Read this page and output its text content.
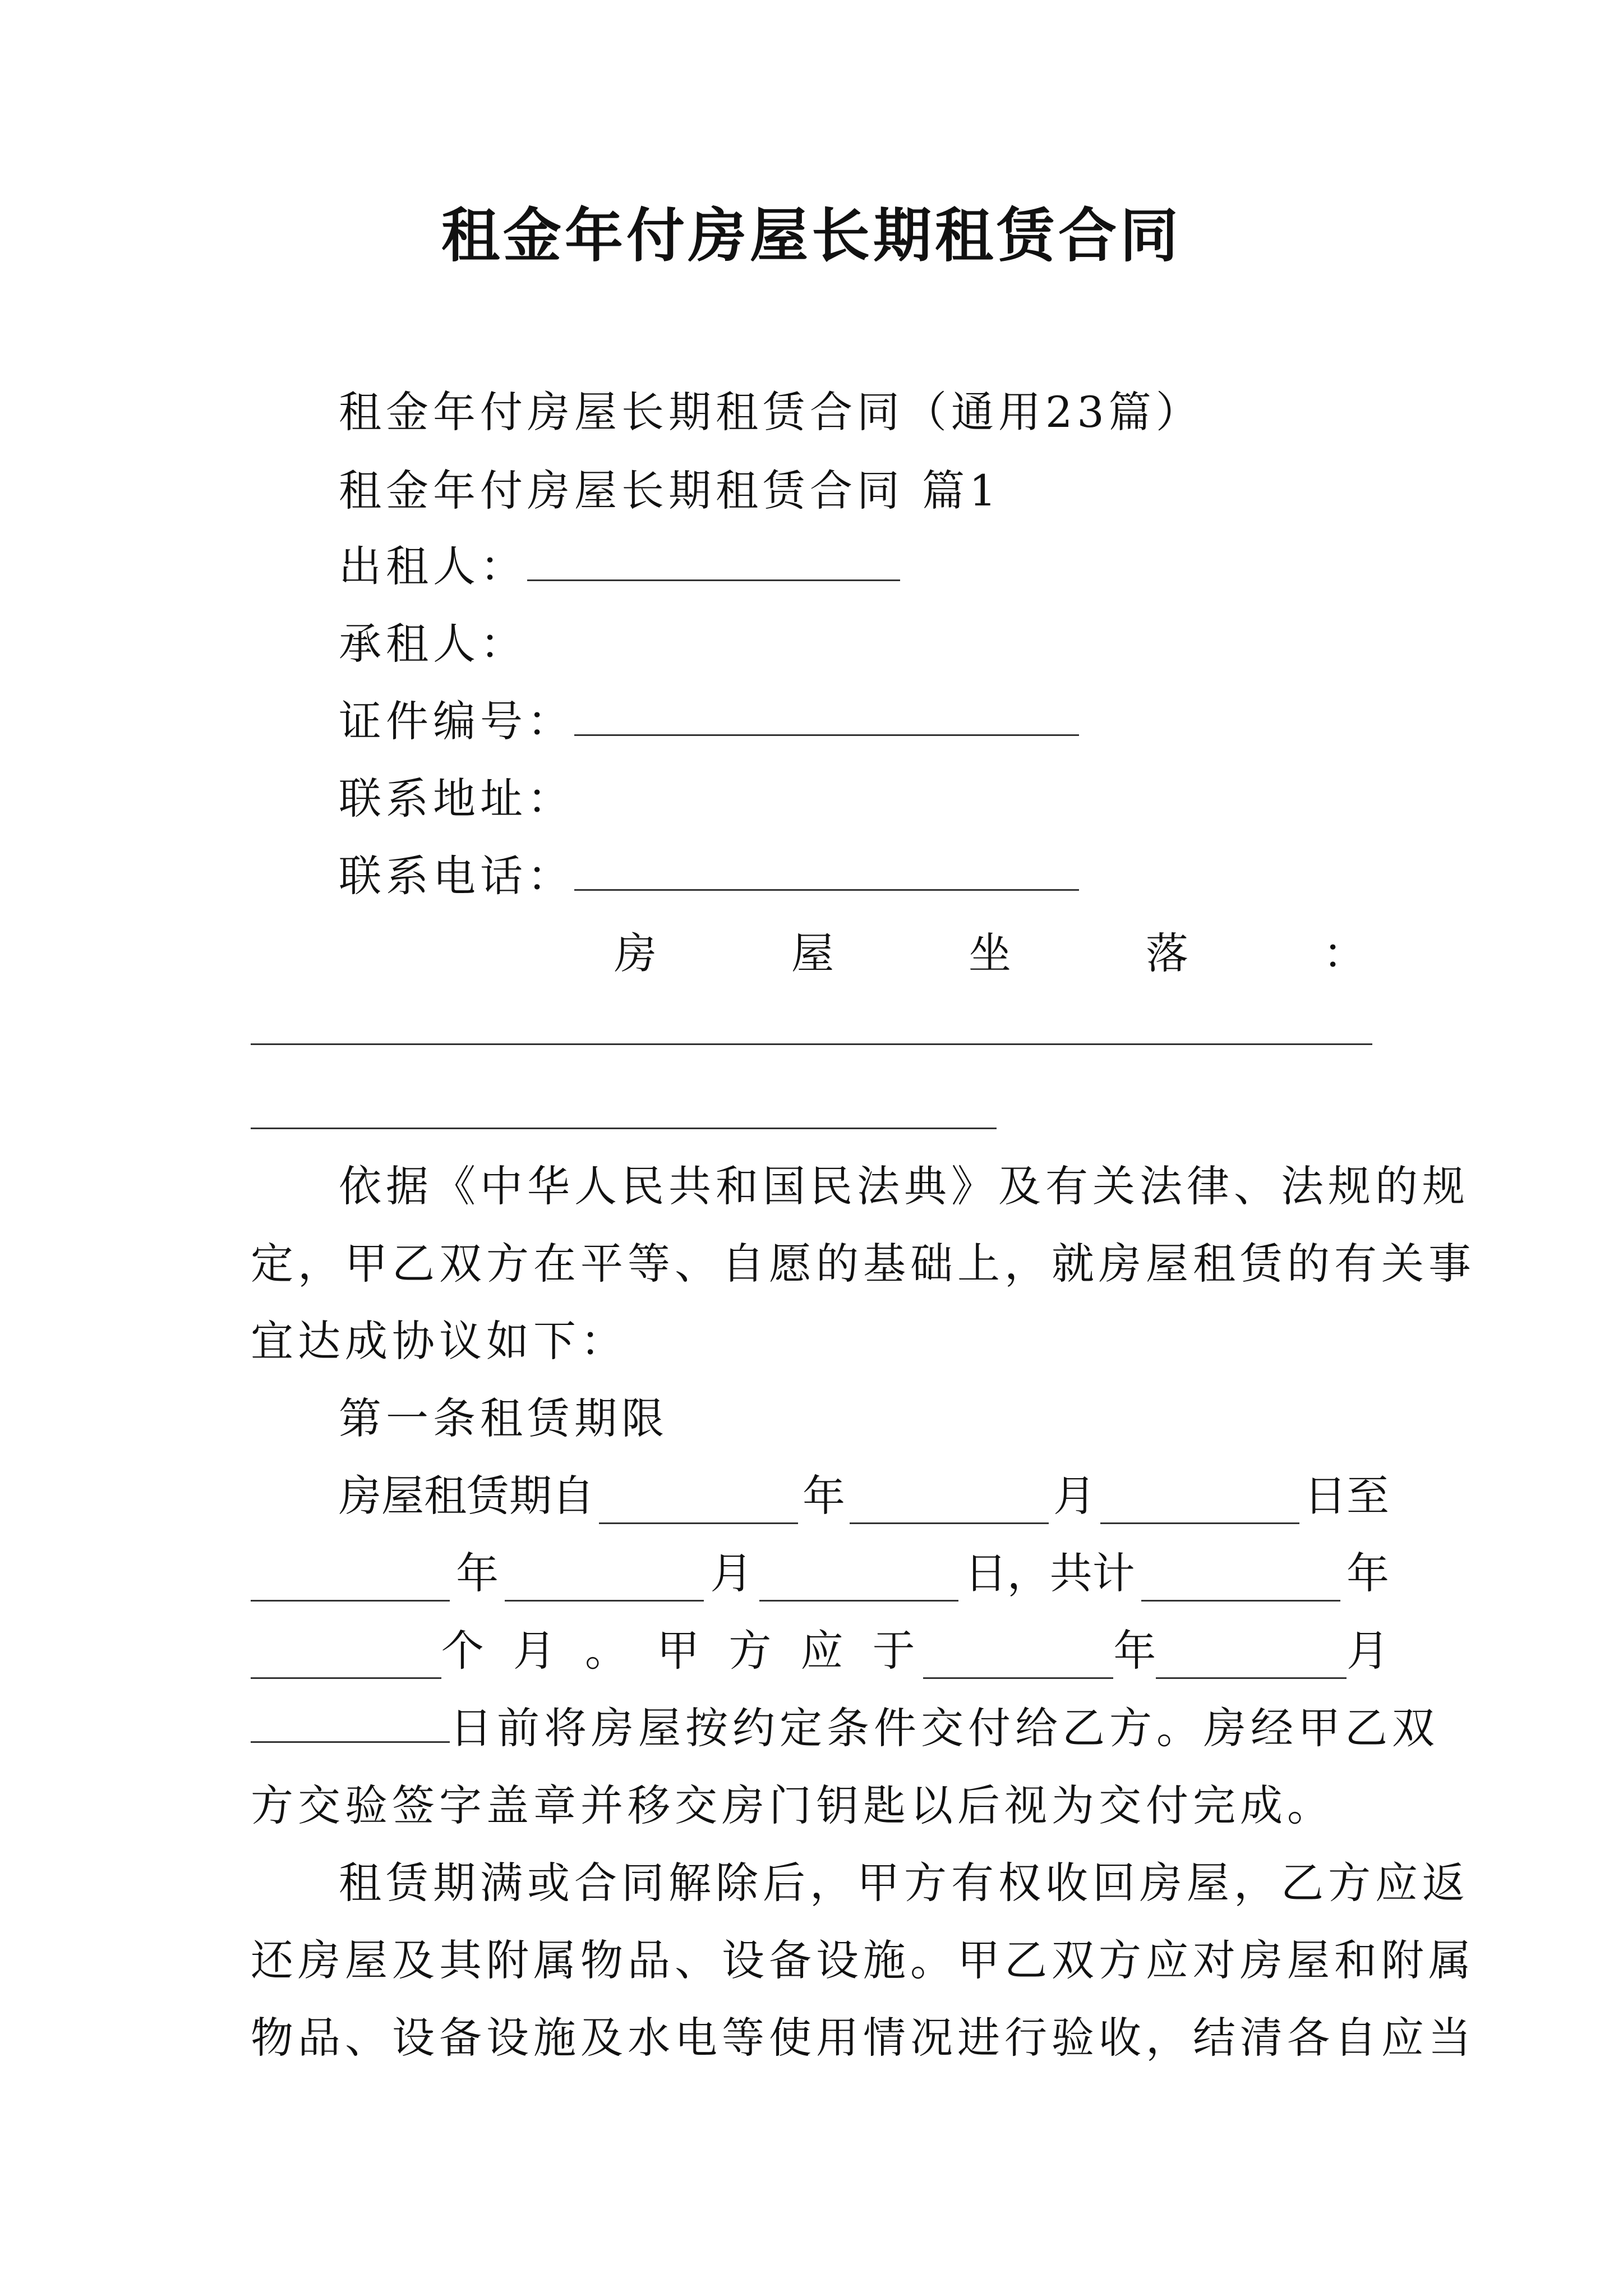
租金年付房屋长期租赁合同
租金年付房屋长期租赁合同（通用23篇）
租金年付房屋长期租赁合同 篇1
出租人：
承租人：
证件编号：
联系地址：
联系电话：
房	屋	坐	落	：
依据《中华人民共和国民法典》及有关法律、法规的规
定，甲乙双方在平等、自愿的基础上，就房屋租赁的有关事
宜达成协议如下：
第一条租赁期限
房屋租赁期自	年	月	日至
年	月	日，共计	年
个 月 。 甲 方 应 于	年	月
日前将房屋按约定条件交付给乙方。房经甲乙双
方交验签字盖章并移交房门钥匙以后视为交付完成。
租赁期满或合同解除后，甲方有权收回房屋，乙方应返
还房屋及其附属物品、设备设施。甲乙双方应对房屋和附属
物品、设备设施及水电等使用情况进行验收，结清各自应当
